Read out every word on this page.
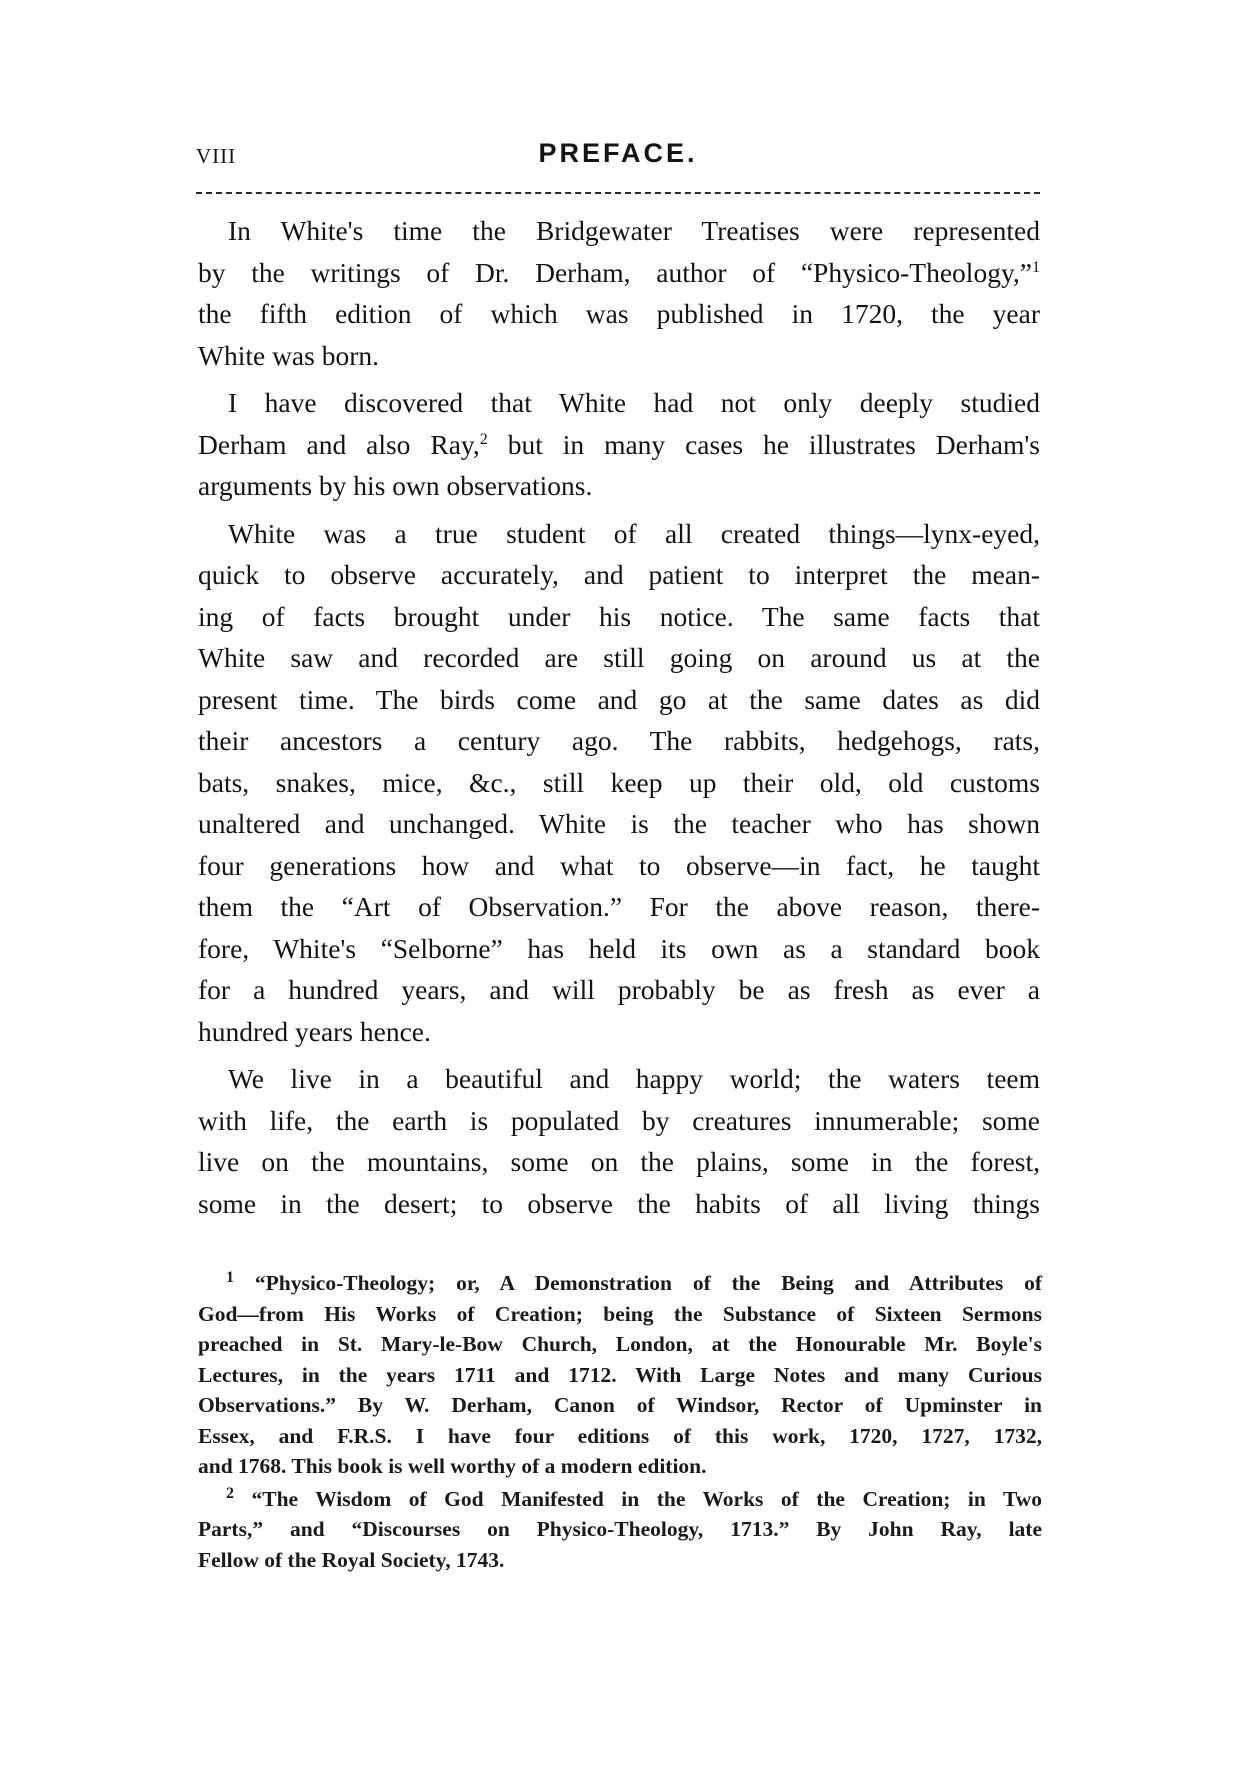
VIII	PREFACE.
In White's time the Bridgewater Treatises were represented
by the writings of Dr. Derham, author of “Physico-Theology,”$^1$
the fifth edition of which was published in 1720, the year
White was born.
I have discovered that White had not only deeply studied
Derham and also Ray,$^2$ but in many cases he illustrates Derham's
arguments by his own observations.
White was a true student of all created things—lynx-eyed,
quick to observe accurately, and patient to interpret the mean-
ing of facts brought under his notice. The same facts that
White saw and recorded are still going on around us at the
present time. The birds come and go at the same dates as did
their ancestors a century ago. The rabbits, hedgehogs, rats,
bats, snakes, mice, &c., still keep up their old, old customs
unaltered and unchanged. White is the teacher who has shown
four generations how and what to observe—in fact, he taught
them the “Art of Observation.” For the above reason, there-
fore, White's “Selborne” has held its own as a standard book
for a hundred years, and will probably be as fresh as ever a
hundred years hence.
We live in a beautiful and happy world; the waters teem
with life, the earth is populated by creatures innumerable; some
live on the mountains, some on the plains, some in the forest,
some in the desert; to observe the habits of all living things
$^1$ “Physico-Theology; or, A Demonstration of the Being and Attributes of
God—from His Works of Creation; being the Substance of Sixteen Sermons
preached in St. Mary-le-Bow Church, London, at the Honourable Mr. Boyle's
Lectures, in the years 1711 and 1712. With Large Notes and many Curious
Observations.” By W. Derham, Canon of Windsor, Rector of Upminster in
Essex, and F.R.S. I have four editions of this work, 1720, 1727, 1732,
and 1768. This book is well worthy of a modern edition.
$^2$ “The Wisdom of God Manifested in the Works of the Creation; in Two
Parts,” and “Discourses on Physico-Theology, 1713.” By John Ray, late
Fellow of the Royal Society, 1743.
